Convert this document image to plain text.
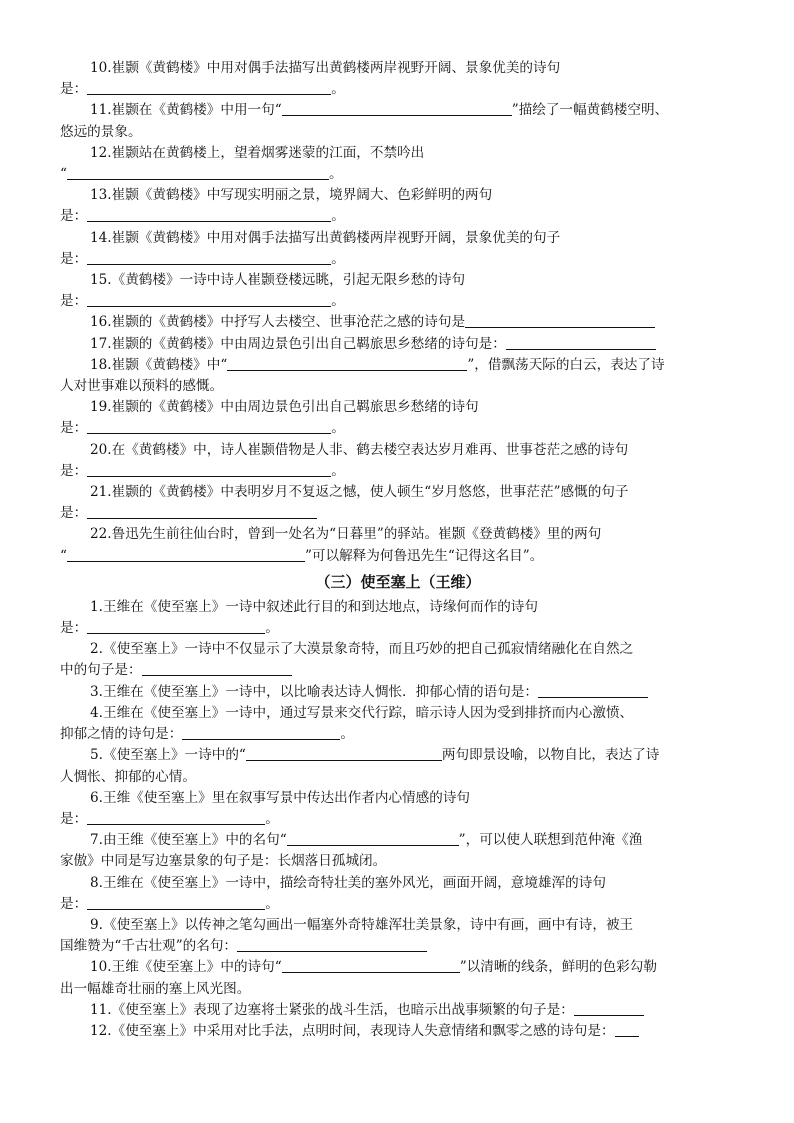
10.崔颢《黄鹤楼》中用对偶手法描写出黄鹤楼两岸视野开阔、景象优美的诗句
是：	。
11.崔颢在《黄鹤楼》中用一句“	”描绘了一幅黄鹤楼空明、
悠远的景象。
12.崔颢站在黄鹤楼上，望着烟雾迷蒙的江面，不禁吟出
“	。
13.崔颢《黄鹤楼》中写现实明丽之景，境界阔大、色彩鲜明的两句
是：	。
14.崔颢《黄鹤楼》中用对偶手法描写出黄鹤楼两岸视野开阔，景象优美的句子
是：	。
15.《黄鹤楼》一诗中诗人崔颢登楼远眺，引起无限乡愁的诗句
是：	。
16.崔颢的《黄鹤楼》中抒写人去楼空、世事沧茫之感的诗句是
17.崔颢的《黄鹤楼》中由周边景色引出自己羁旅思乡愁绪的诗句是：
18.崔颢《黄鹤楼》中“	”，借飘荡天际的白云，表达了诗
人对世事难以预料的感慨。
19.崔颢的《黄鹤楼》中由周边景色引出自己羁旅思乡愁绪的诗句
是：	。
20.在《黄鹤楼》中，诗人崔颢借物是人非、鹤去楼空表达岁月难再、世事苍茫之感的诗句
是：	。
21.崔颢的《黄鹤楼》中表明岁月不复返之憾，使人顿生“岁月悠悠，世事茫茫”感慨的句子
是：
22.鲁迅先生前往仙台时，曾到一处名为“日暮里”的驿站。崔颢《登黄鹤楼》里的两句
“	”可以解释为何鲁迅先生“记得这名目”。
（三）使至塞上（王维）
1.王维在《使至塞上》一诗中叙述此行目的和到达地点，诗缘何而作的诗句
是：	。
2.《使至塞上》一诗中不仅显示了大漠景象奇特，而且巧妙的把自己孤寂情绪融化在自然之
中的句子是：
3.王维在《使至塞上》一诗中，以比喻表达诗人惆怅．抑郁心情的语句是：
4.王维在《使至塞上》一诗中，通过写景来交代行踪，暗示诗人因为受到排挤而内心激愤、
抑郁之情的诗句是：	。
5.《使至塞上》一诗中的“	两句即景设喻，以物自比，表达了诗
人惆怅、抑郁的心情。
6.王维《使至塞上》里在叙事写景中传达出作者内心情感的诗句
是：	。
7.由王维《使至塞上》中的名句“	”，可以使人联想到范仲淹《渔
家傲》中同是写边塞景象的句子是：长烟落日孤城闭。
8.王维在《使至塞上》一诗中，描绘奇特壮美的塞外风光，画面开阔，意境雄浑的诗句
是：	。
9.《使至塞上》以传神之笔勾画出一幅塞外奇特雄浑壮美景象，诗中有画，画中有诗，被王
国维赞为“千古壮观”的名句：
10.王维《使至塞上》中的诗句“	”以清晰的线条，鲜明的色彩勾勒
出一幅雄奇壮丽的塞上风光图。
11.《使至塞上》表现了边塞将士紧张的战斗生活，也暗示出战事频繁的句子是：
12.《使至塞上》中采用对比手法，点明时间，表现诗人失意情绪和飘零之感的诗句是：
